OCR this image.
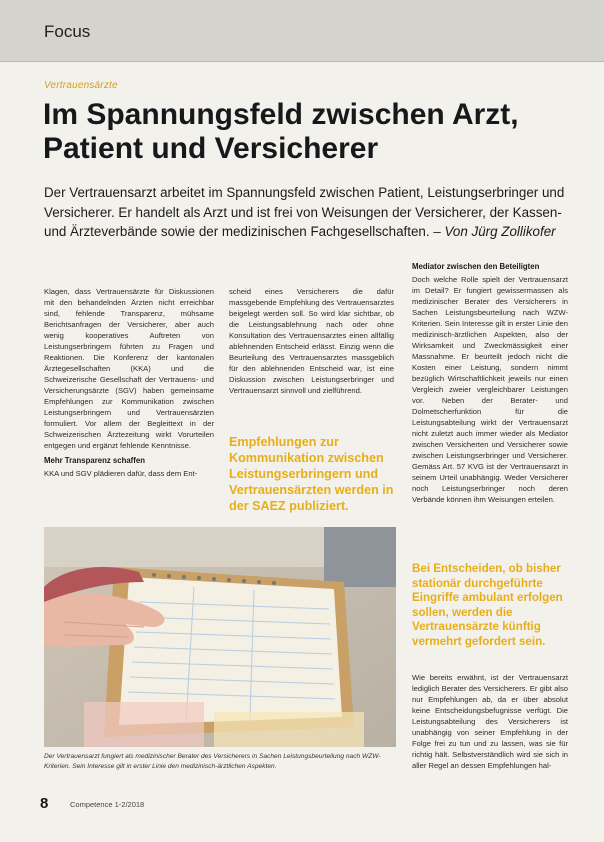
Focus
Vertrauensärzte
Im Spannungsfeld zwischen Arzt, Patient und Versicherer
Der Vertrauensarzt arbeitet im Spannungsfeld zwischen Patient, Leistungserbringer und Versicherer. Er handelt als Arzt und ist frei von Weisungen der Versicherer, der Kassen- und Ärzteverbände sowie der medizinischen Fachgesellschaften. – Von Jürg Zollikofer

Klagen, dass Vertrauensärzte für Diskussionen mit den behandelnden Ärzten nicht erreichbar sind, fehlende Transparenz, mühsame Berichtsanfragen der Versicherer, aber auch wenig kooperatives Auftreten von Leistungserbringern führten zu Fragen und Reaktionen. Die Konferenz der kantonalen Ärztegesellschaften (KKA) und die Schweizerische Gesellschaft der Vertrauens- und Versicherungsärzte (SGV) haben gemeinsame Empfehlungen zur Kommunikation zwischen Leistungserbringern und Vertrauensärzten formuliert. Vor allem der Begleittext in der Schweizerischen Ärztezeitung wirkt Vorurteilen entgegen und ergänzt fehlende Kenntnisse.

Mehr Transparenz schaffen

KKA und SGV plädieren dafür, dass dem Ent-

scheid eines Versicherers die dafür massgebende Empfehlung des Vertrauensarztes beigelegt werden soll. So wird klar sichtbar, ob die Leistungsablehnung nach oder ohne Konsultation des Vertrauensarztes einen allfällig ablehnenden Entscheid erlässt. Einzig wenn die Beurteilung des Vertrauensarztes massgeblich für den ablehnenden Entscheid war, ist eine Diskussion zwischen Leistungserbringer und Vertrauensarzt sinnvoll und zielführend.

Empfehlungen zur Kommunikation zwischen Leistungserbringern und Vertrauensärzten werden in der SAEZ publiziert.
Mediator zwischen den Beteiligten

Doch welche Rolle spielt der Vertrauensarzt im Detail? Er fungiert gewissermassen als medizinischer Berater des Versicherers in Sachen Leistungsbeurteilung nach WZW-Kriterien. Sein Interesse gilt in erster Linie den medizinisch-ärztlichen Aspekten, also der Wirksamkeit und Zweckmässigkeit einer Massnahme. Er beurteilt jedoch nicht die Kosten einer Leistung, sondern nimmt bezüglich Wirtschaftlichkeit jeweils nur einen Vergleich zweier vergleichbarer Leistungen vor. Neben der Berater- und Dolmetscherfunktion für die Leistungsabteilung wirkt der Vertrauensarzt nicht zuletzt auch immer wieder als Mediator zwischen Versicherten und Versicherer sowie zwischen Leistungserbringer und Versicherer. Gemäss Art. 57 KVG ist der Vertrauensarzt in seinem Urteil unabhängig. Weder Versicherer noch Leistungserbringer noch deren Verbände können ihm Weisungen erteilen.

Bei Entscheiden, ob bisher stationär durchgeführte Eingriffe ambulant erfolgen sollen, werden die Vertrauensärzte künftig vermehrt gefordert sein.

Wie bereits erwähnt, ist der Vertrauensarzt lediglich Berater des Versicherers. Er gibt also nur Empfehlungen ab, da er über absolut keine Entscheidungsbefugnisse verfügt. Die Leistungsabteilung des Versicherers ist unabhängig von seiner Empfehlung in der Folge frei zu tun und zu lassen, was sie für richtig hält. Selbstverständlich wird sie sich in aller Regel an dessen Empfehlungen hal-

Der Vertrauensarzt fungiert als medizinischer Berater des Versicherers in Sachen Leistungsbeurteilung nach WZW-Kriterien. Sein Interesse gilt in erster Linie den medizinisch-ärztlichen Aspekten.
8	Competence 1-2/2018
